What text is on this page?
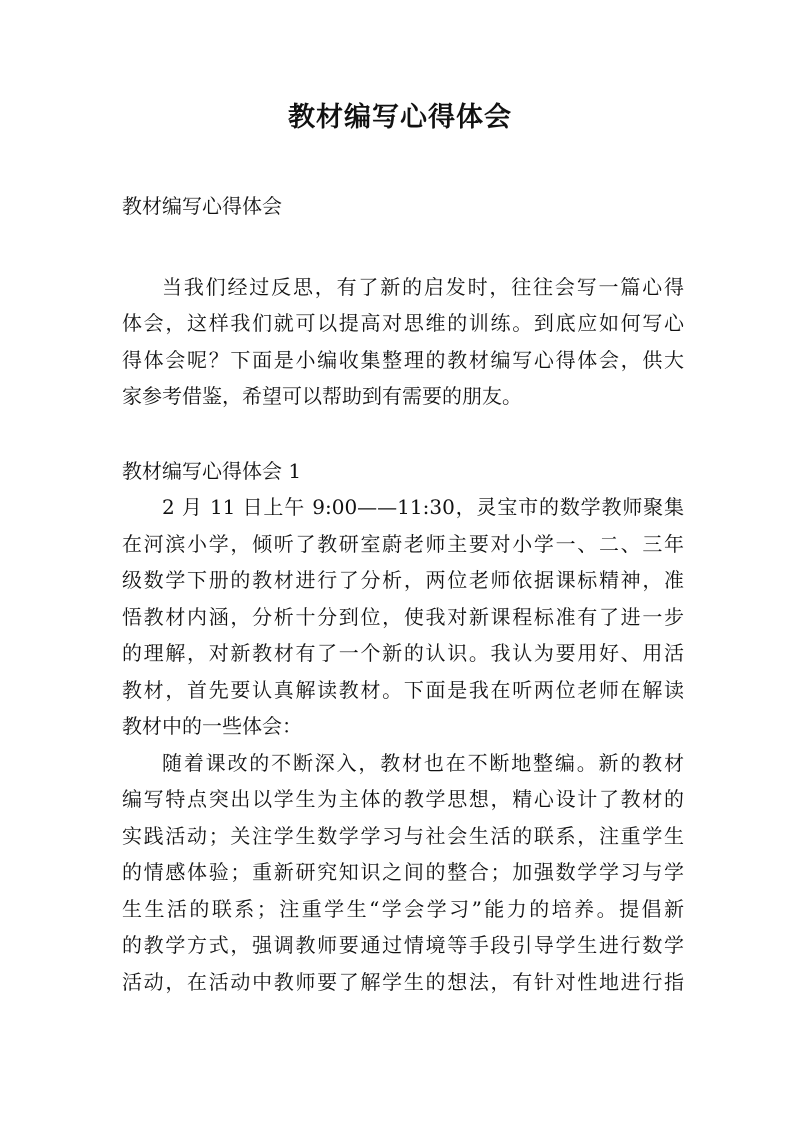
教材编写心得体会
教材编写心得体会
当我们经过反思，有了新的启发时，往往会写一篇心得
体会，这样我们就可以提高对思维的训练。到底应如何写心
得体会呢？下面是小编收集整理的教材编写心得体会，供大
家参考借鉴，希望可以帮助到有需要的朋友。
教材编写心得体会 1
2 月 11 日上午 9:00——11:30，灵宝市的数学教师聚集
在河滨小学，倾听了教研室蔚老师主要对小学一、二、三年
级数学下册的教材进行了分析，两位老师依据课标精神，准
悟教材内涵，分析十分到位，使我对新课程标准有了进一步
的理解，对新教材有了一个新的认识。我认为要用好、用活
教材，首先要认真解读教材。下面是我在听两位老师在解读
教材中的一些体会：
随着课改的不断深入，教材也在不断地整编。新的教材
编写特点突出以学生为主体的教学思想，精心设计了教材的
实践活动；关注学生数学学习与社会生活的联系，注重学生
的情感体验；重新研究知识之间的整合；加强数学学习与学
生生活的联系；注重学生“学会学习”能力的培养。提倡新
的教学方式，强调教师要通过情境等手段引导学生进行数学
活动，在活动中教师要了解学生的想法，有针对性地进行指
